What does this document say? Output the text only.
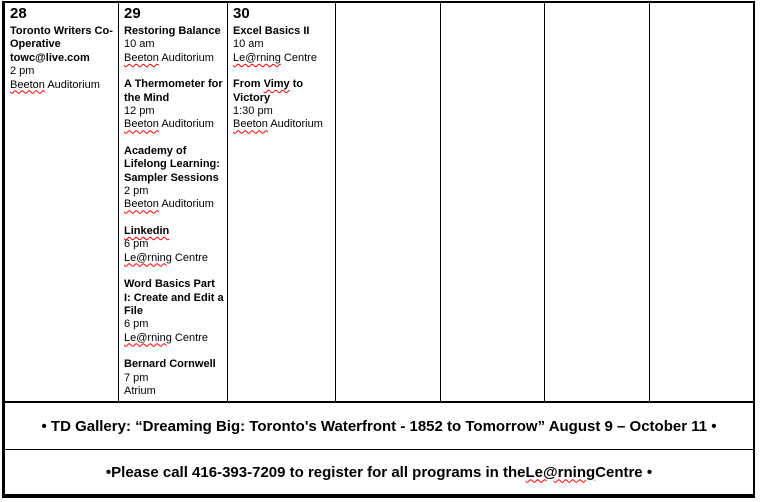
28
Toronto Writers Co-Operative
towc@live.com
2 pm
Beeton Auditorium
29
Restoring Balance
10 am
Beeton Auditorium
A Thermometer for the Mind
12 pm
Beeton Auditorium
Academy of Lifelong Learning: Sampler Sessions
2 pm
Beeton Auditorium
Linkedin
6 pm
Le@rning Centre
Word Basics Part I: Create and Edit a File
6 pm
Le@rning Centre
Bernard Cornwell
7 pm
Atrium
30
Excel Basics II
10 am
Le@rning Centre
From Vimy to Victory
1:30 pm
Beeton Auditorium
• TD Gallery: “Dreaming Big: Toronto's Waterfront - 1852 to Tomorrow” August 9 – October 11 •
•Please call 416-393-7209 to register for all programs in the Le@rning Centre •
